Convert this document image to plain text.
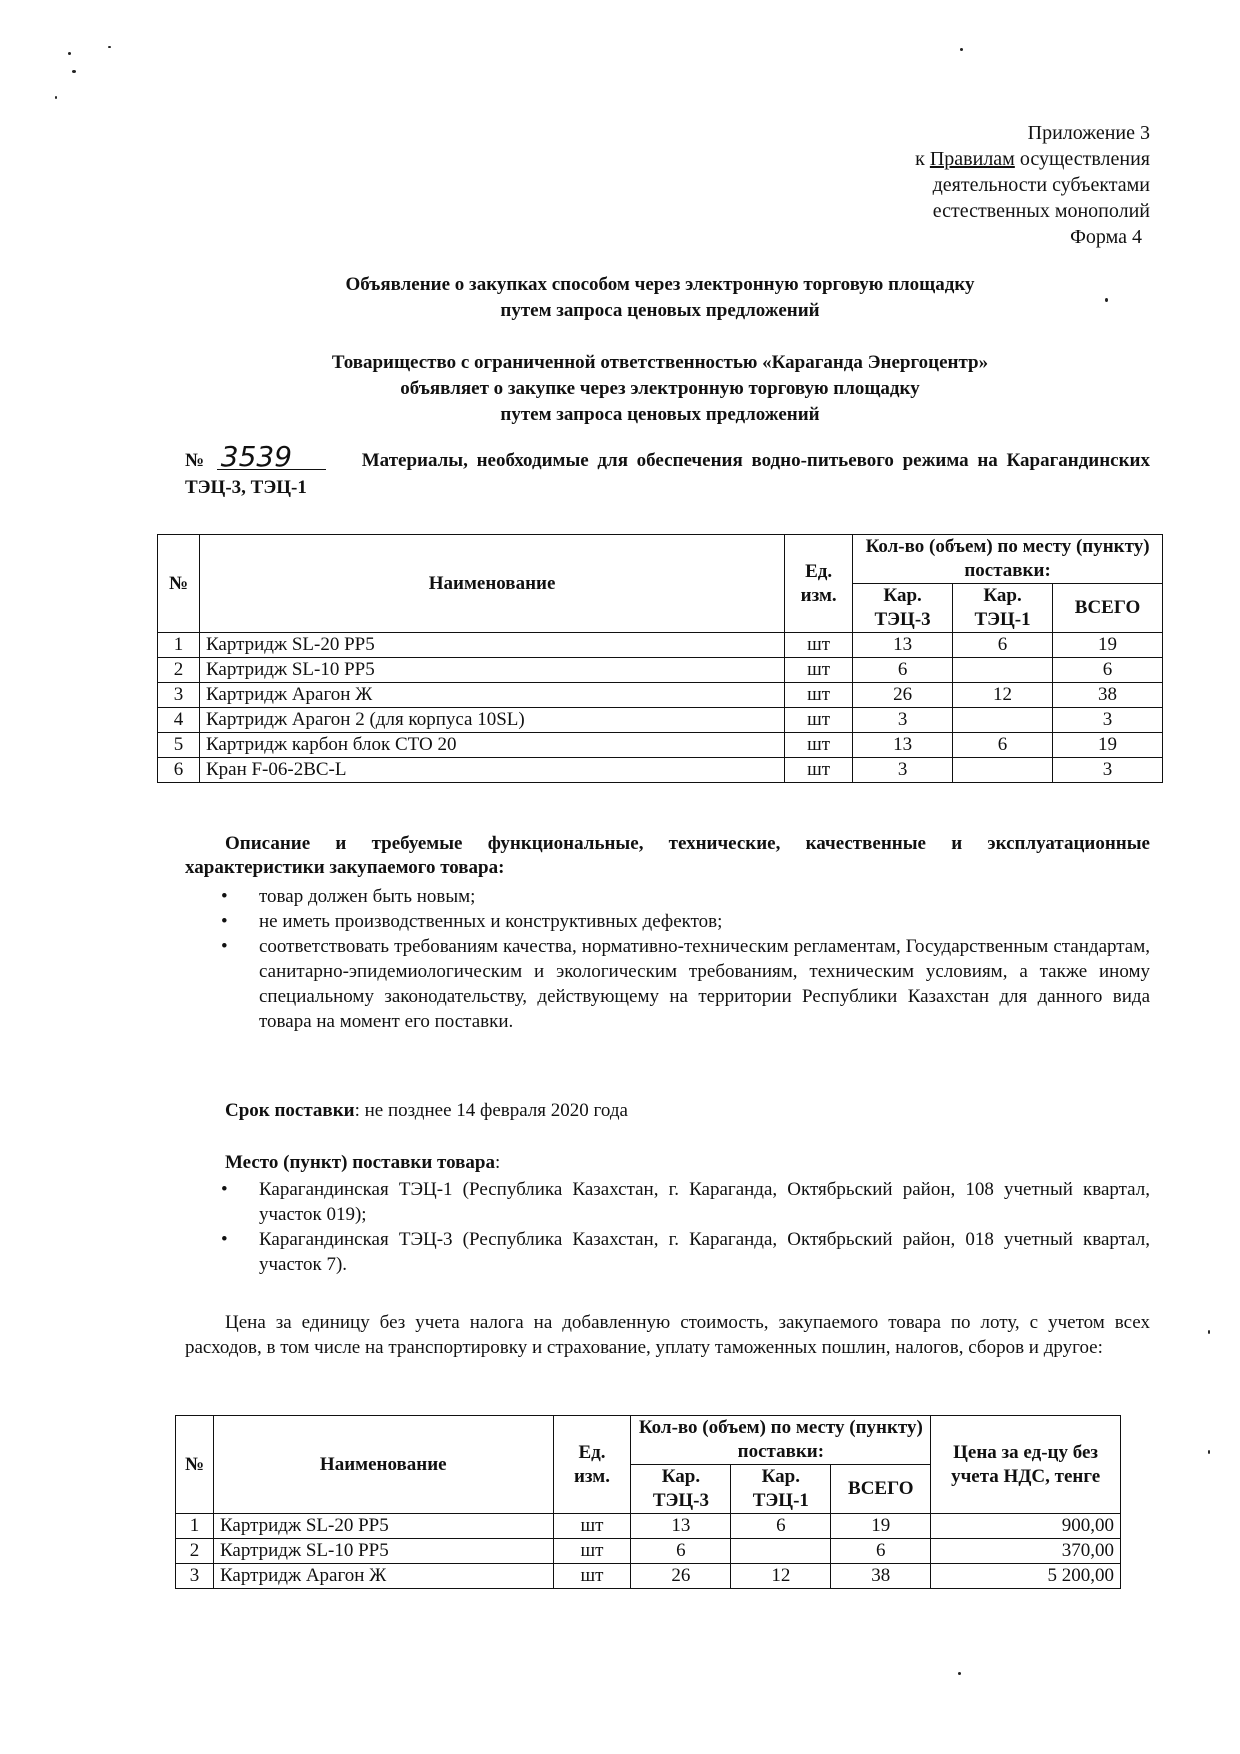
Приложение 3
к Правилам осуществления
деятельности субъектами
естественных монополий
Форма 4
Объявление о закупках способом через электронную торговую площадку
путем запроса ценовых предложений
Товарищество с ограниченной ответственностью «Караганда Энергоцентр»
объявляет о закупке через электронную торговую площадку
путем запроса ценовых предложений
№ 3539	Материалы, необходимые для обеспечения водно-питьевого режима на Карагандинских ТЭЦ-3, ТЭЦ-1
№	Наименование	Ед. изм.	Кол-во (объем) по месту (пункту) поставки:		
			Кар. ТЭЦ-3	Кар. ТЭЦ-1	ВСЕГО
1	Картридж SL-20 PP5	шт	13	6	19
2	Картридж SL-10 PP5	шт	6		6
3	Картридж Арагон Ж	шт	26	12	38
4	Картридж Арагон 2 (для корпуса 10SL)	шт	3		3
5	Картридж карбон блок СТО 20	шт	13	6	19
6	Кран F-06-2BC-L	шт	3		3
Описание и требуемые функциональные, технические, качественные и эксплуатационные характеристики закупаемого товара:
• товар должен быть новым;
• не иметь производственных и конструктивных дефектов;
• соответствовать требованиям качества, нормативно-техническим регламентам, Государственным стандартам, санитарно-эпидемиологическим и экологическим требованиям, техническим условиям, а также иному специальному законодательству, действующему на территории Республики Казахстан для данного вида товара на момент его поставки.
Срок поставки: не позднее 14 февраля 2020 года
Место (пункт) поставки товара:
• Карагандинская ТЭЦ-1 (Республика Казахстан, г. Караганда, Октябрьский район, 108 учетный квартал, участок 019);
• Карагандинская ТЭЦ-3 (Республика Казахстан, г. Караганда, Октябрьский район, 018 учетный квартал, участок 7).
Цена за единицу без учета налога на добавленную стоимость, закупаемого товара по лоту, с учетом всех расходов, в том числе на транспортировку и страхование, уплату таможенных пошлин, налогов, сборов и другое:
№	Наименование	Ед. изм.	Кол-во (объем) по месту (пункту) поставки:			Цена за ед-цу без учета НДС, тенге
			Кар. ТЭЦ-3	Кар. ТЭЦ-1	ВСЕГО	
1	Картридж SL-20 PP5	шт	13	6	19	900,00
2	Картридж SL-10 PP5	шт	6		6	370,00
3	Картридж Арагон Ж	шт	26	12	38	5 200,00
